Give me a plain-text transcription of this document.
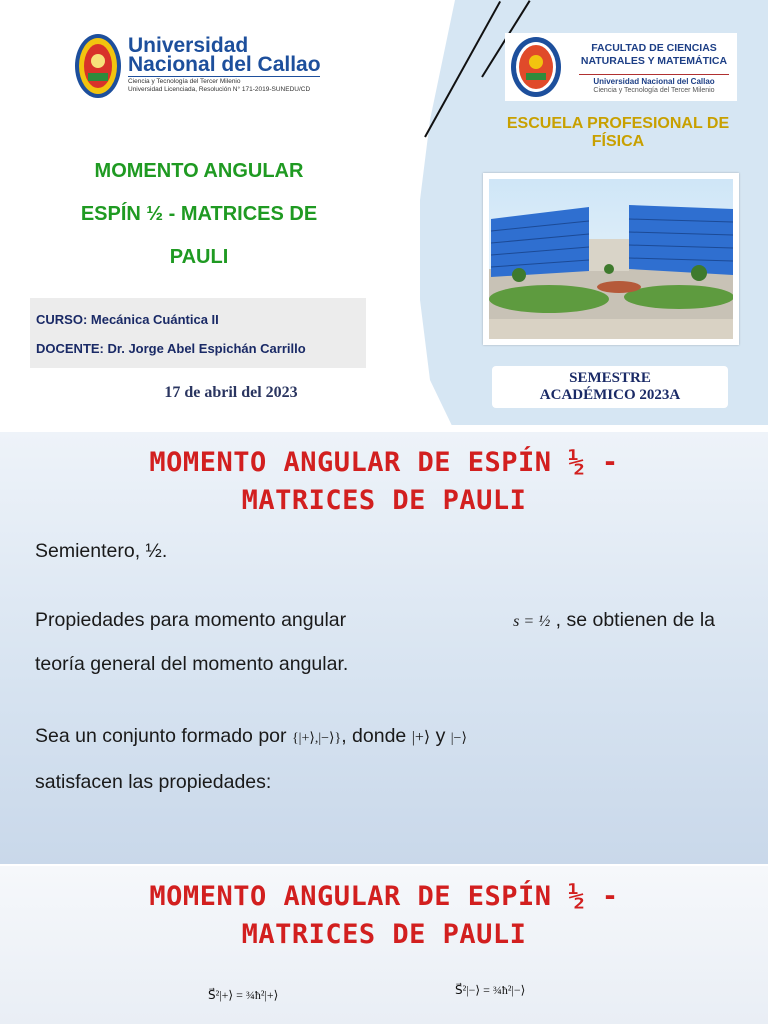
Universidad
Nacional del Callao
Ciencia y Tecnología del Tercer Milenio
Universidad Licenciada, Resolución N° 171-2019-SUNEDU/CD
FACULTAD DE CIENCIAS
NATURALES Y MATEMÁTICA
Universidad Nacional del Callao
Ciencia y Tecnología del Tercer Milenio
ESCUELA PROFESIONAL DE
FÍSICA
MOMENTO ANGULAR
ESPÍN ½ - MATRICES DE
PAULI
CURSO: Mecánica Cuántica II
DOCENTE: Dr. Jorge Abel Espichán Carrillo
17 de abril del 2023
SEMESTRE
ACADÉMICO 2023A
MOMENTO ANGULAR DE ESPÍN ½ -
MATRICES DE PAULI
Semientero, ½.
Propiedades para momento angular	s = ½ , se obtienen de la
teoría general del momento angular.
Sea un conjunto formado por {|+⟩,|−⟩}, donde |+⟩ y |−⟩
satisfacen las propiedades:
MOMENTO ANGULAR DE ESPÍN ½ -
MATRICES DE PAULI
S⃗²|+⟩ = ¾ħ²|+⟩	S⃗²|−⟩ = ¾ħ²|−⟩
